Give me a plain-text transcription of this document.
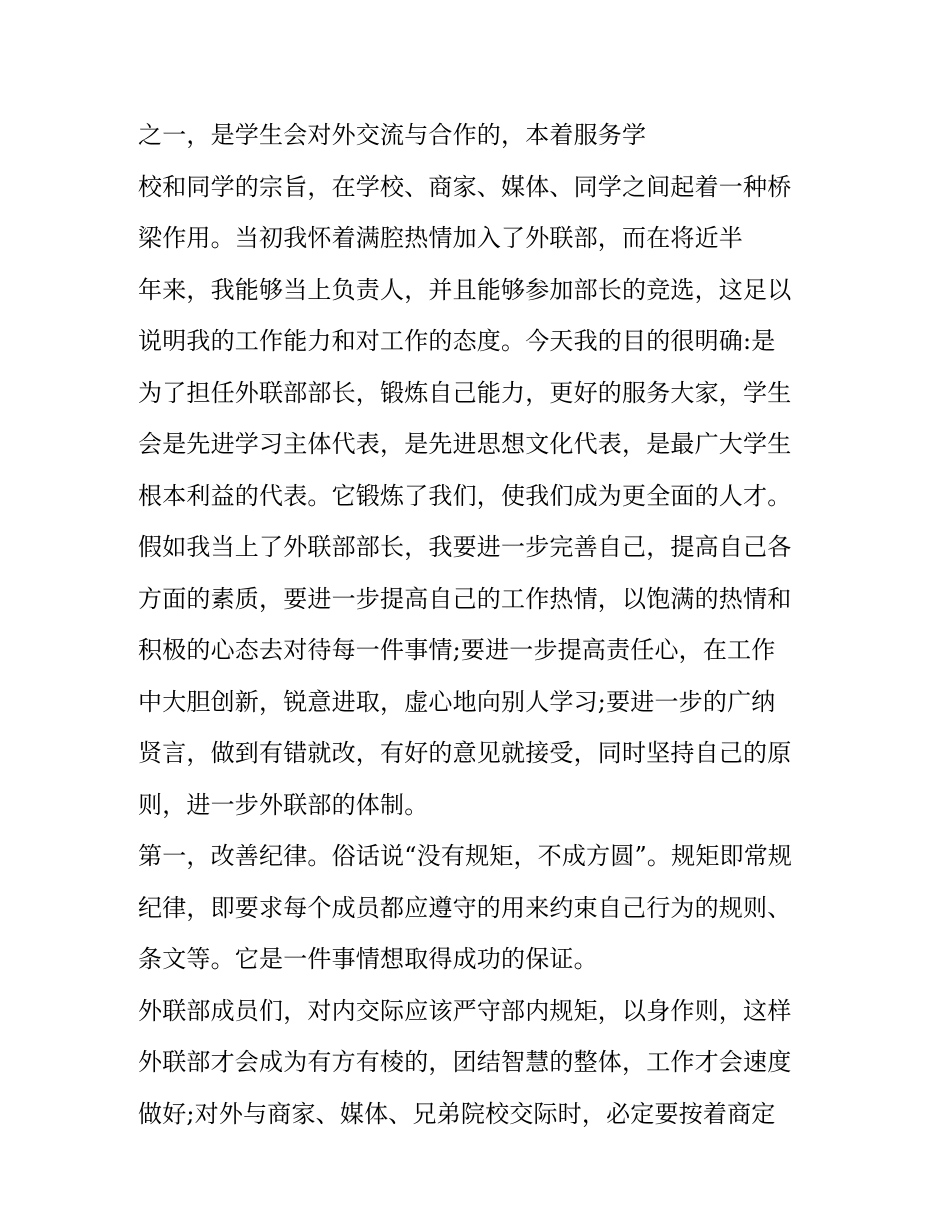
之一，是学生会对外交流与合作的，本着服务学
校和同学的宗旨，在学校、商家、媒体、同学之间起着一种桥
梁作用。当初我怀着满腔热情加入了外联部，而在将近半
年来，我能够当上负责人，并且能够参加部长的竞选，这足以
说明我的工作能力和对工作的态度。今天我的目的很明确:是
为了担任外联部部长，锻炼自己能力，更好的服务大家，学生
会是先进学习主体代表，是先进思想文化代表，是最广大学生
根本利益的代表。它锻炼了我们，使我们成为更全面的人才。
假如我当上了外联部部长，我要进一步完善自己，提高自己各
方面的素质，要进一步提高自己的工作热情，以饱满的热情和
积极的心态去对待每一件事情;要进一步提高责任心，在工作
中大胆创新，锐意进取，虚心地向别人学习;要进一步的广纳
贤言，做到有错就改，有好的意见就接受，同时坚持自己的原
则，进一步外联部的体制。
第一，改善纪律。俗话说“没有规矩，不成方圆”。规矩即常规
纪律，即要求每个成员都应遵守的用来约束自己行为的规则、
条文等。它是一件事情想取得成功的保证。
外联部成员们，对内交际应该严守部内规矩，以身作则，这样
外联部才会成为有方有棱的，团结智慧的整体，工作才会速度
做好;对外与商家、媒体、兄弟院校交际时，必定要按着商定
